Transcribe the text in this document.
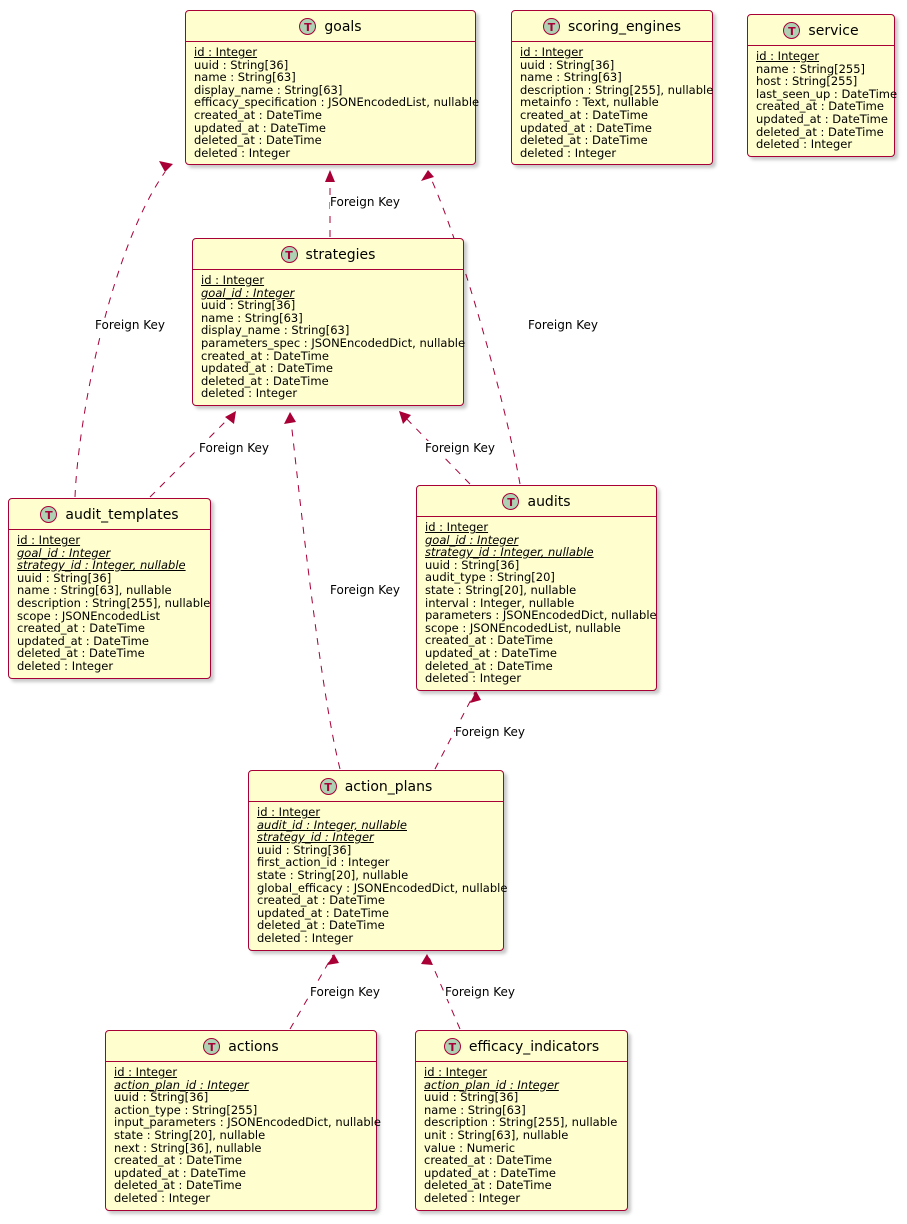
T goals
id : Integer
uuid : String[36]
name : String[63]
display_name : String[63]
efficacy_specification : JSONEncodedList, nullable
created_at : DateTime
updated_at : DateTime
deleted_at : DateTime
deleted : Integer
T scoring_engines
id : Integer
uuid : String[36]
name : String[63]
description : String[255], nullable
metainfo : Text, nullable
created_at : DateTime
updated_at : DateTime
deleted_at : DateTime
deleted : Integer
T service
id : Integer
name : String[255]
host : String[255]
last_seen_up : DateTime
created_at : DateTime
updated_at : DateTime
deleted_at : DateTime
deleted : Integer
T strategies
id : Integer
goal_id : Integer
uuid : String[36]
name : String[63]
display_name : String[63]
parameters_spec : JSONEncodedDict, nullable
created_at : DateTime
updated_at : DateTime
deleted_at : DateTime
deleted : Integer
T audit_templates
id : Integer
goal_id : Integer
strategy_id : Integer, nullable
uuid : String[36]
name : String[63], nullable
description : String[255], nullable
scope : JSONEncodedList
created_at : DateTime
updated_at : DateTime
deleted_at : DateTime
deleted : Integer
T audits
id : Integer
goal_id : Integer
strategy_id : Integer, nullable
uuid : String[36]
audit_type : String[20]
state : String[20], nullable
interval : Integer, nullable
parameters : JSONEncodedDict, nullable
scope : JSONEncodedList, nullable
created_at : DateTime
updated_at : DateTime
deleted_at : DateTime
deleted : Integer
T action_plans
id : Integer
audit_id : Integer, nullable
strategy_id : Integer
uuid : String[36]
first_action_id : Integer
state : String[20], nullable
global_efficacy : JSONEncodedDict, nullable
created_at : DateTime
updated_at : DateTime
deleted_at : DateTime
deleted : Integer
T actions
id : Integer
action_plan_id : Integer
uuid : String[36]
action_type : String[255]
input_parameters : JSONEncodedDict, nullable
state : String[20], nullable
next : String[36], nullable
created_at : DateTime
updated_at : DateTime
deleted_at : DateTime
deleted : Integer
T efficacy_indicators
id : Integer
action_plan_id : Integer
uuid : String[36]
name : String[63]
description : String[255], nullable
unit : String[63], nullable
value : Numeric
created_at : DateTime
updated_at : DateTime
deleted_at : DateTime
deleted : Integer
Foreign Key
Foreign Key	Foreign Key
Foreign Key	Foreign Key
Foreign Key
Foreign Key
Foreign Key	Foreign Key
